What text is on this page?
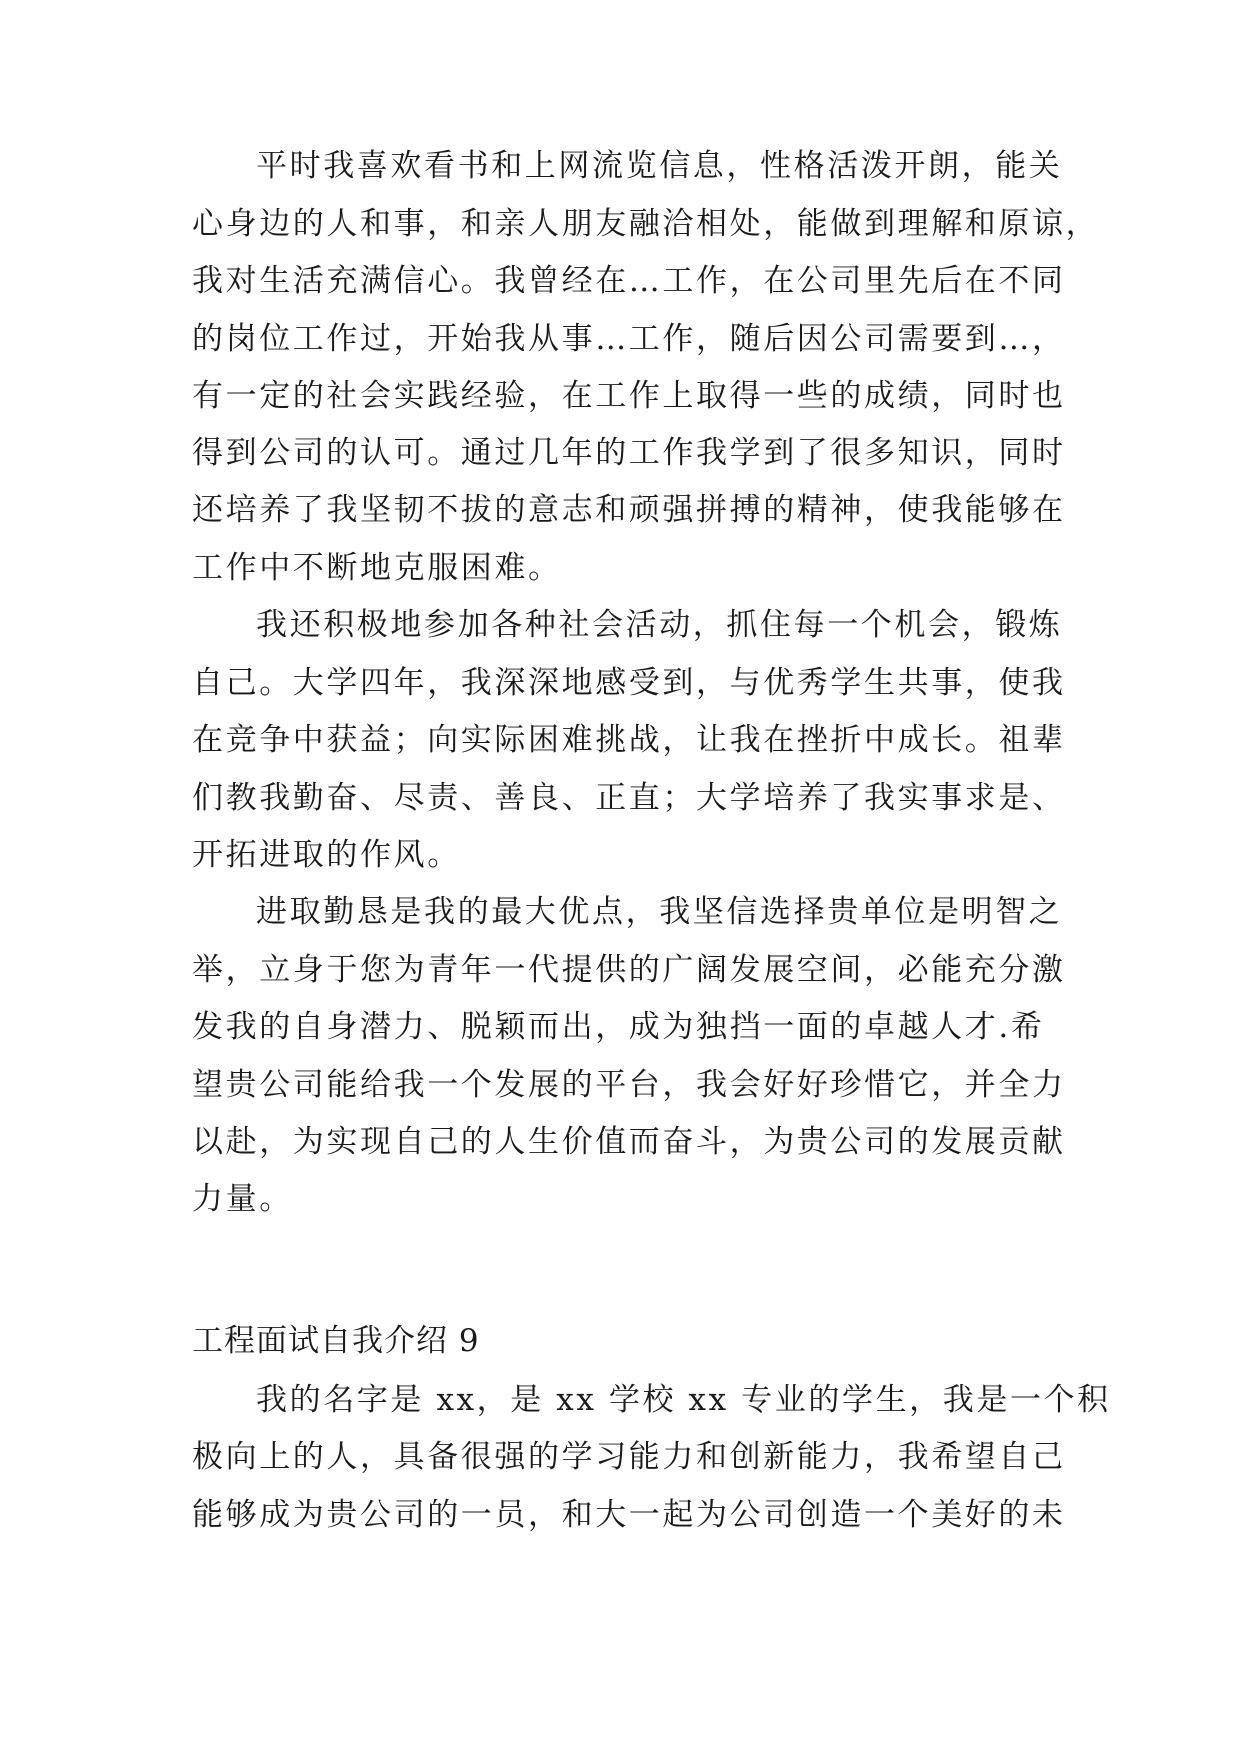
平时我喜欢看书和上网流览信息，性格活泼开朗，能关
心身边的人和事，和亲人朋友融洽相处，能做到理解和原谅，
我对生活充满信心。我曾经在…工作，在公司里先后在不同
的岗位工作过，开始我从事…工作，随后因公司需要到…，
有一定的社会实践经验，在工作上取得一些的成绩，同时也
得到公司的认可。通过几年的工作我学到了很多知识，同时
还培养了我坚韧不拔的意志和顽强拼搏的精神，使我能够在
工作中不断地克服困难。
我还积极地参加各种社会活动，抓住每一个机会，锻炼
自己。大学四年，我深深地感受到，与优秀学生共事，使我
在竞争中获益；向实际困难挑战，让我在挫折中成长。祖辈
们教我勤奋、尽责、善良、正直；大学培养了我实事求是、
开拓进取的作风。
进取勤恳是我的最大优点，我坚信选择贵单位是明智之
举，立身于您为青年一代提供的广阔发展空间，必能充分激
发我的自身潜力、脱颖而出，成为独挡一面的卓越人才.希
望贵公司能给我一个发展的平台，我会好好珍惜它，并全力
以赴，为实现自己的人生价值而奋斗，为贵公司的发展贡献
力量。
工程面试自我介绍 9
我的名字是 xx，是 xx 学校 xx 专业的学生，我是一个积
极向上的人，具备很强的学习能力和创新能力，我希望自己
能够成为贵公司的一员，和大一起为公司创造一个美好的未
